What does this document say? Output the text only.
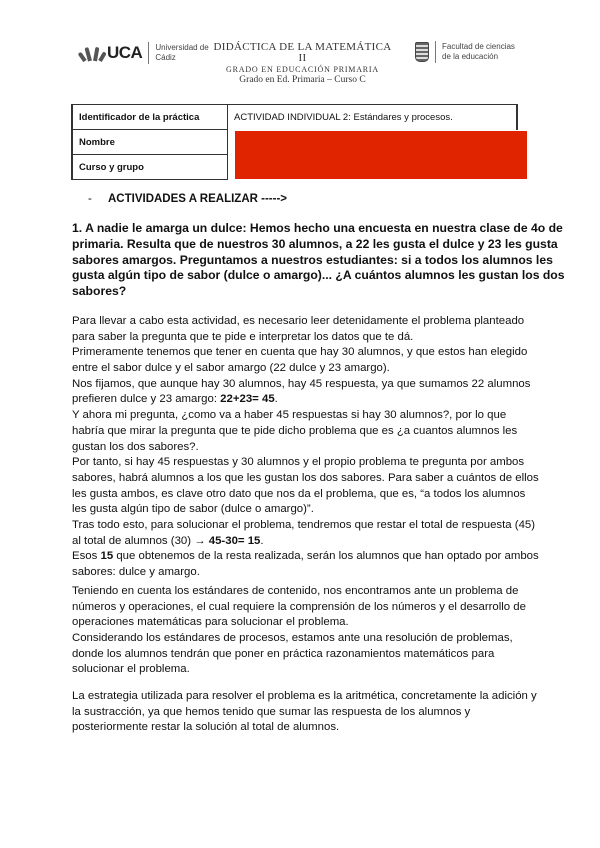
UCA Universidad de
Cádiz
DIDÁCTICA DE LA MATEMÁTICA II
GRADO EN EDUCACIÓN PRIMARIA
Grado en Ed. Primaria – Curso C
Facultad de ciencias
de la educación
Identificador de la práctica	ACTIVIDAD INDIVIDUAL 2: Estándares y procesos.
Nombre	
Curso y grupo	
- ACTIVIDADES A REALIZAR ----->
1. A nadie le amarga un dulce: Hemos hecho una encuesta en nuestra clase de 4o de
primaria. Resulta que de nuestros 30 alumnos, a 22 les gusta el dulce y 23 les gusta
sabores amargos. Preguntamos a nuestros estudiantes: si a todos los alumnos les
gusta algún tipo de sabor (dulce o amargo)... ¿A cuántos alumnos les gustan los dos
sabores?
Para llevar a cabo esta actividad, es necesario leer detenidamente el problema planteado
para saber la pregunta que te pide e interpretar los datos que te dá.
Primeramente tenemos que tener en cuenta que hay 30 alumnos, y que estos han elegido
entre el sabor dulce y el sabor amargo (22 dulce y 23 amargo).
Nos fijamos, que aunque hay 30 alumnos, hay 45 respuesta, ya que sumamos 22 alumnos
prefieren dulce y 23 amargo: 22+23= 45.
Y ahora mi pregunta, ¿como va a haber 45 respuestas si hay 30 alumnos?, por lo que
habría que mirar la pregunta que te pide dicho problema que es ¿a cuantos alumnos les
gustan los dos sabores?.
Por tanto, si hay 45 respuestas y 30 alumnos y el propio problema te pregunta por ambos
sabores, habrá alumnos a los que les gustan los dos sabores. Para saber a cuántos de ellos
les gusta ambos, es clave otro dato que nos da el problema, que es, “a todos los alumnos
les gusta algún tipo de sabor (dulce o amargo)”.
Tras todo esto, para solucionar el problema, tendremos que restar el total de respuesta (45)
al total de alumnos (30) → 45-30= 15.
Esos 15 que obtenemos de la resta realizada, serán los alumnos que han optado por ambos
sabores: dulce y amargo.
Teniendo en cuenta los estándares de contenido, nos encontramos ante un problema de
números y operaciones, el cual requiere la comprensión de los números y el desarrollo de
operaciones matemáticas para solucionar el problema.
Considerando los estándares de procesos, estamos ante una resolución de problemas,
donde los alumnos tendrán que poner en práctica razonamientos matemáticos para
solucionar el problema.
La estrategia utilizada para resolver el problema es la aritmética, concretamente la adición y
la sustracción, ya que hemos tenido que sumar las respuesta de los alumnos y
posteriormente restar la solución al total de alumnos.
